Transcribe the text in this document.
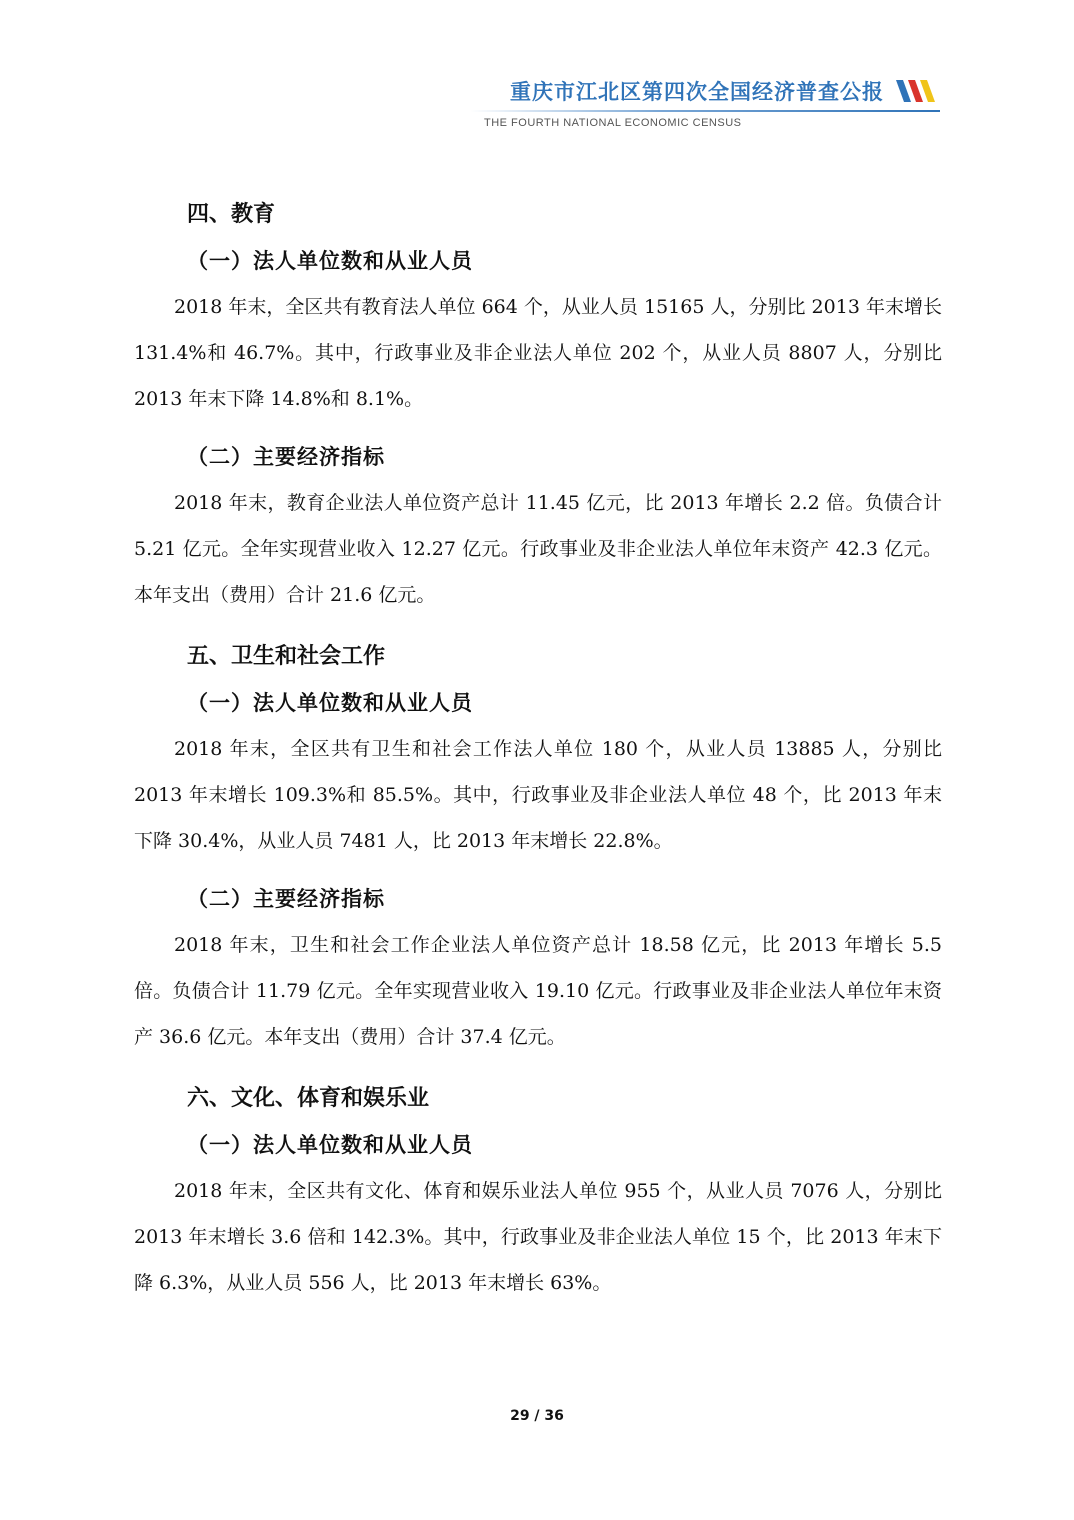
重庆市江北区第四次全国经济普查公报
THE FOURTH NATIONAL ECONOMIC CENSUS
四、教育
（一）法人单位数和从业人员

2018 年末，全区共有教育法人单位 664 个，从业人员 15165 人，分别比 2013 年末增长 131.4%和 46.7%。其中，行政事业及非企业法人单位 202 个，从业人员 8807 人，分别比 2013 年末下降 14.8%和 8.1%。

（二）主要经济指标

2018 年末，教育企业法人单位资产总计 11.45 亿元，比 2013 年增长 2.2 倍。负债合计 5.21 亿元。全年实现营业收入 12.27 亿元。行政事业及非企业法人单位年末资产 42.3 亿元。本年支出（费用）合计 21.6 亿元。

五、卫生和社会工作
（一）法人单位数和从业人员

2018 年末，全区共有卫生和社会工作法人单位 180 个，从业人员 13885 人，分别比 2013 年末增长 109.3%和 85.5%。其中，行政事业及非企业法人单位 48 个，比 2013 年末下降 30.4%，从业人员 7481 人，比 2013 年末增长 22.8%。

（二）主要经济指标

2018 年末，卫生和社会工作企业法人单位资产总计 18.58 亿元，比 2013 年增长 5.5 倍。负债合计 11.79 亿元。全年实现营业收入 19.10 亿元。行政事业及非企业法人单位年末资产 36.6 亿元。本年支出（费用）合计 37.4 亿元。

六、文化、体育和娱乐业
（一）法人单位数和从业人员

2018 年末，全区共有文化、体育和娱乐业法人单位 955 个，从业人员 7076 人，分别比 2013 年末增长 3.6 倍和 142.3%。其中，行政事业及非企业法人单位 15 个，比 2013 年末下降 6.3%，从业人员 556 人，比 2013 年末增长 63%。

29 / 36
